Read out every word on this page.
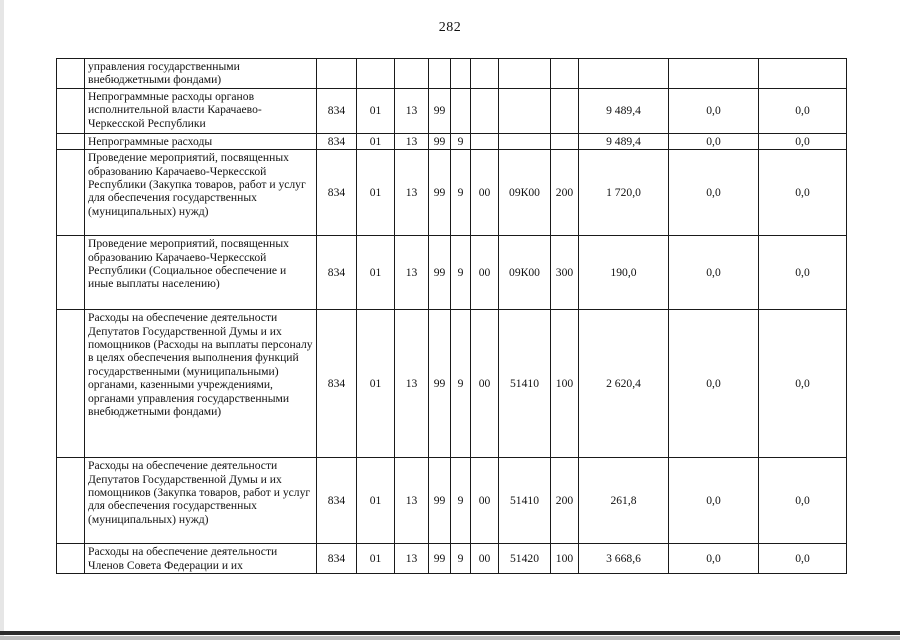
282
	управления государственными внебюджетными фондами)											
	Непрограммные расходы органов исполнительной власти Карачаево-Черкесской Республики	834	01	13	99					9 489,4	0,0	0,0
	Непрограммные расходы	834	01	13	99	9				9 489,4	0,0	0,0
	Проведение мероприятий, посвященных образованию Карачаево-Черкесской Республики (Закупка товаров, работ и услуг для обеспечения государственных (муниципальных) нужд)	834	01	13	99	9	00	09К00	200	1 720,0	0,0	0,0
	Проведение мероприятий, посвященных образованию Карачаево-Черкесской Республики (Социальное обеспечение и иные выплаты населению)	834	01	13	99	9	00	09К00	300	190,0	0,0	0,0
	Расходы на обеспечение деятельности Депутатов Государственной Думы и их помощников (Расходы на выплаты персоналу в целях обеспечения выполнения функций государственными (муниципальными) органами, казенными учреждениями, органами управления государственными внебюджетными фондами)	834	01	13	99	9	00	51410	100	2 620,4	0,0	0,0
	Расходы на обеспечение деятельности Депутатов Государственной Думы и их помощников (Закупка товаров, работ и услуг для обеспечения государственных (муниципальных) нужд)	834	01	13	99	9	00	51410	200	261,8	0,0	0,0
	Расходы на обеспечение деятельности Членов Совета Федерации и их	834	01	13	99	9	00	51420	100	3 668,6	0,0	0,0
